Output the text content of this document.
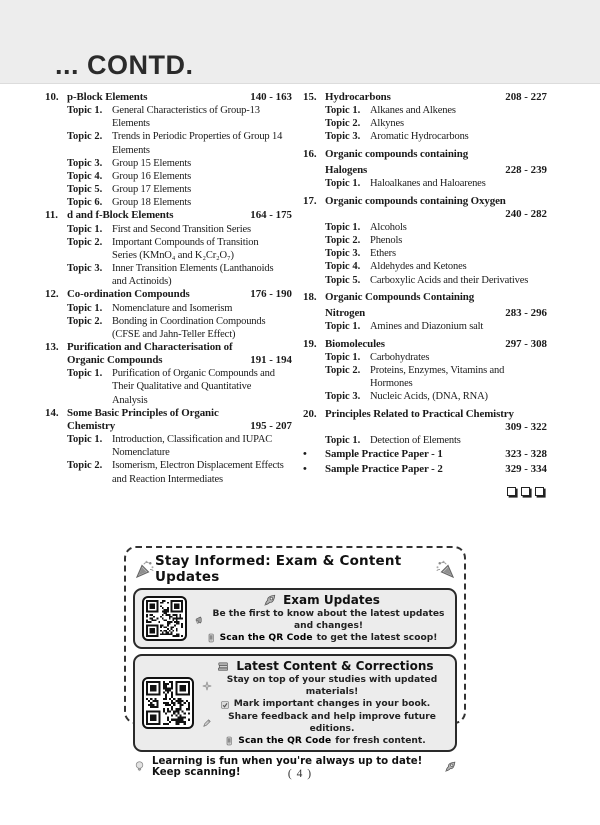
... CONTD.
10. p-Block Elements	140 - 163
Topic 1. General Characteristics of Group-13
Elements
Topic 2. Trends in Periodic Properties of Group 14
Elements
Topic 3. Group 15 Elements
Topic 4. Group 16 Elements
Topic 5. Group 17 Elements
Topic 6. Group 18 Elements
11. d and f-Block Elements	164 - 175
Topic 1. First and Second Transition Series
Topic 2. Important Compounds of Transition
Series (KMnO₄ and K₂Cr₂O₇)
Topic 3. Inner Transition Elements (Lanthanoids
and Actinoids)
12. Co-ordination Compounds	176 - 190
Topic 1. Nomenclature and Isomerism
Topic 2. Bonding in Coordination Compounds
(CFSE and Jahn-Teller Effect)
13. Purification and Characterisation of
Organic Compounds	191 - 194
Topic 1. Purification of Organic Compounds and
Their Qualitative and Quantitative
Analysis
14. Some Basic Principles of Organic
Chemistry	195 - 207
Topic 1. Introduction, Classification and IUPAC
Nomenclature
Topic 2. Isomerism, Electron Displacement Effects
and Reaction Intermediates
15. Hydrocarbons	208 - 227
Topic 1. Alkanes and Alkenes
Topic 2. Alkynes
Topic 3. Aromatic Hydrocarbons
16. Organic compounds containing
Halogens	228 - 239
Topic 1. Haloalkanes and Haloarenes
17. Organic compounds containing Oxygen
240 - 282
Topic 1. Alcohols
Topic 2. Phenols
Topic 3. Ethers
Topic 4. Aldehydes and Ketones
Topic 5. Carboxylic Acids and their Derivatives
18. Organic Compounds Containing
Nitrogen	283 - 296
Topic 1. Amines and Diazonium salt
19. Biomolecules	297 - 308
Topic 1. Carbohydrates
Topic 2. Proteins, Enzymes, Vitamins and
Hormones
Topic 3. Nucleic Acids, (DNA, RNA)
20. Principles Related to Practical Chemistry
309 - 322
Topic 1. Detection of Elements
•	Sample Practice Paper - 1	323 - 328
•	Sample Practice Paper - 2	329 - 334
Stay Informed: Exam & Content Updates
Exam Updates
Be the first to know about the latest updates and changes!
Scan the QR Code to get the latest scoop!
Latest Content & Corrections
Stay on top of your studies with updated materials!
Mark important changes in your book.
Share feedback and help improve future editions.
Scan the QR Code for fresh content.
Learning is fun when you're always up to date! Keep scanning!	( 4 )
